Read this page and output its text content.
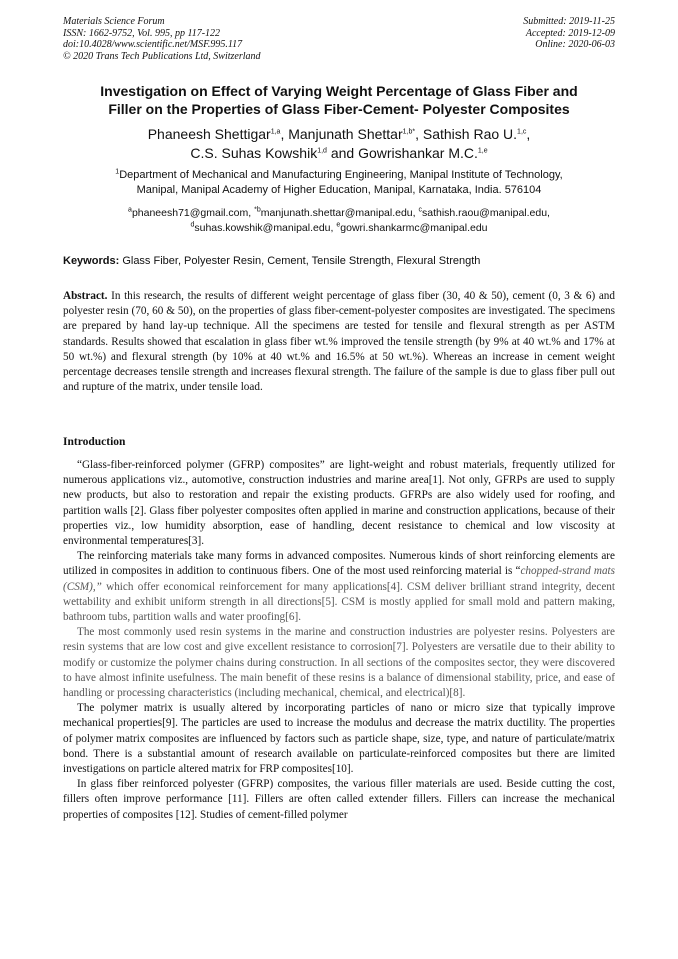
Materials Science Forum
ISSN: 1662-9752, Vol. 995, pp 117-122
doi:10.4028/www.scientific.net/MSF.995.117
© 2020 Trans Tech Publications Ltd, Switzerland
Submitted: 2019-11-25
Accepted: 2019-12-09
Online: 2020-06-03
Investigation on Effect of Varying Weight Percentage of Glass Fiber and
Filler on the Properties of Glass Fiber-Cement- Polyester Composites
Phaneesh Shettigar$^{1,a}$, Manjunath Shettar$^{1,b*}$, Sathish Rao U.$^{1,c}$,
C.S. Suhas Kowshik$^{1,d}$ and Gowrishankar M.C.$^{1,e}$
$^1$Department of Mechanical and Manufacturing Engineering, Manipal Institute of Technology,
Manipal, Manipal Academy of Higher Education, Manipal, Karnataka, India. 576104
$^a$phaneesh71@gmail.com, $^{*b}$manjunath.shettar@manipal.edu, $^c$sathish.raou@manipal.edu,
$^d$suhas.kowshik@manipal.edu, $^e$gowri.shankarmc@manipal.edu
Keywords: Glass Fiber, Polyester Resin, Cement, Tensile Strength, Flexural Strength
Abstract. In this research, the results of different weight percentage of glass fiber (30, 40 & 50), cement (0, 3 & 6) and polyester resin (70, 60 & 50), on the properties of glass fiber-cement-polyester composites are investigated. The specimens are prepared by hand lay-up technique. All the specimens are tested for tensile and flexural strength as per ASTM standards. Results showed that escalation in glass fiber wt.% improved the tensile strength (by 9% at 40 wt.% and 17% at 50 wt.%) and flexural strength (by 10% at 40 wt.% and 16.5% at 50 wt.%). Whereas an increase in cement weight percentage decreases tensile strength and increases flexural strength. The failure of the sample is due to glass fiber pull out and rupture of the matrix, under tensile load.
Introduction

“Glass-fiber-reinforced polymer (GFRP) composites” are light-weight and robust materials, frequently utilized for numerous applications viz., automotive, construction industries and marine area[1]. Not only, GFRPs are used to supply new products, but also to restoration and repair the existing products. GFRPs are also widely used for roofing, and partition walls [2]. Glass fiber polyester composites often applied in marine and construction applications, because of their properties viz., low humidity absorption, ease of handling, decent resistance to chemical and low viscosity at environmental temperatures[3].

The reinforcing materials take many forms in advanced composites. Numerous kinds of short reinforcing elements are utilized in composites in addition to continuous fibers. One of the most used reinforcing material is “chopped-strand mats (CSM),” which offer economical reinforcement for many applications[4]. CSM deliver brilliant strand integrity, decent wettability and exhibit uniform strength in all directions[5]. CSM is mostly applied for small mold and pattern making, bathroom tubs, partition walls and water proofing[6].

The most commonly used resin systems in the marine and construction industries are polyester resins. Polyesters are resin systems that are low cost and give excellent resistance to corrosion[7]. Polyesters are versatile due to their ability to modify or customize the polymer chains during construction. In all sections of the composites sector, they were discovered to have almost infinite usefulness. The main benefit of these resins is a balance of dimensional stability, price, and ease of handling or processing characteristics (including mechanical, chemical, and electrical)[8].

The polymer matrix is usually altered by incorporating particles of nano or micro size that typically improve mechanical properties[9]. The particles are used to increase the modulus and decrease the matrix ductility. The properties of polymer matrix composites are influenced by factors such as particle shape, size, type, and nature of particulate/matrix bond. There is a substantial amount of research available on particulate-reinforced composites but there are limited investigations on particle altered matrix for FRP composites[10].

In glass fiber reinforced polyester (GFRP) composites, the various filler materials are used. Beside cutting the cost, fillers often improve performance [11]. Fillers are often called extender fillers. Fillers can increase the mechanical properties of composites [12]. Studies of cement-filled polymer
